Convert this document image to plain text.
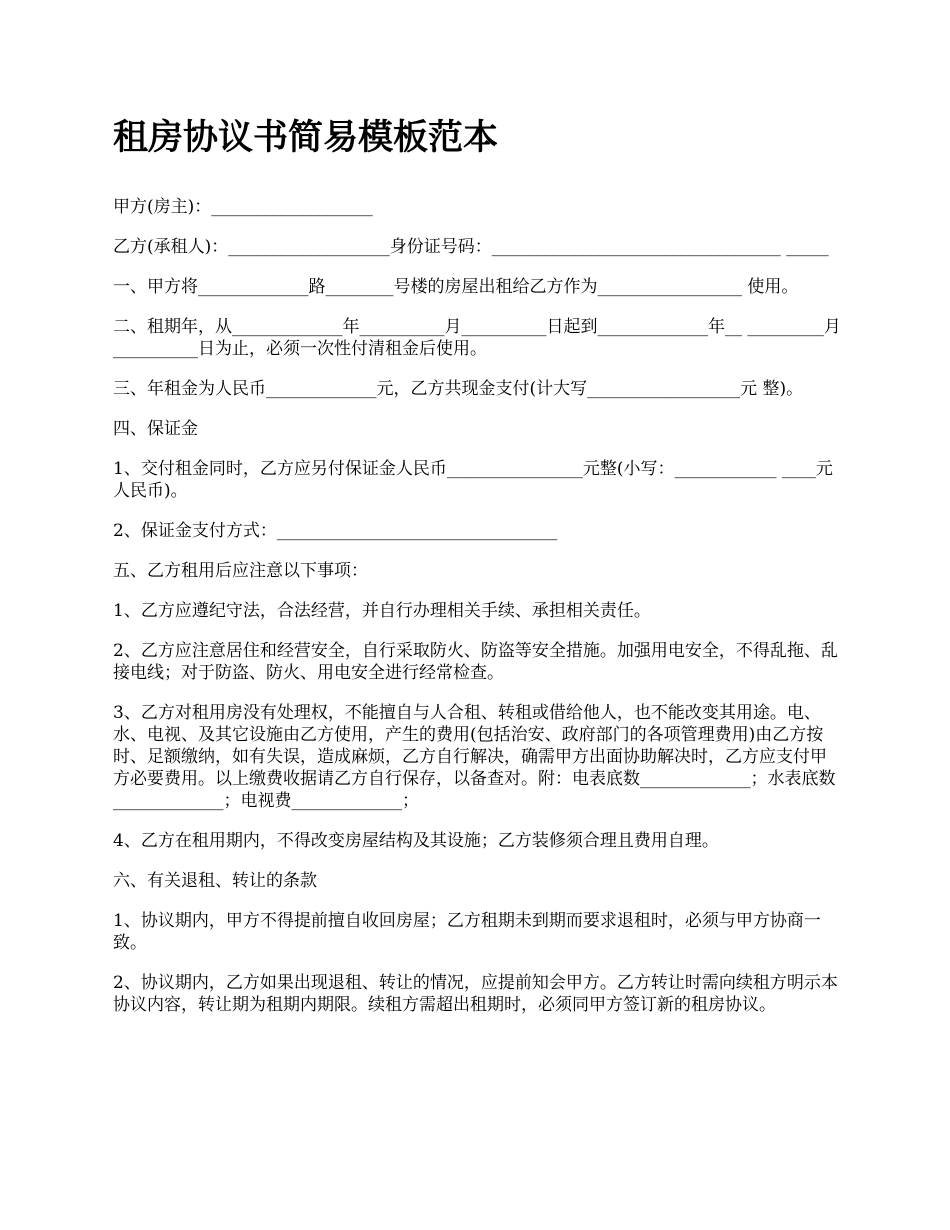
租房协议书简易模板范本

甲方(房主)：___________________

乙方(承租人)：___________________身份证号码：__________________________________ _____

一、甲方将_____________路________号楼的房屋出租给乙方作为_________________ 使用。

二、租期年，从_____________年__________月__________日起到_____________年__ _________月__________日为止，必须一次性付清租金后使用。

三、年租金为人民币_____________元，乙方共现金支付(计大写__________________元 整)。

四、保证金

1、交付租金同时，乙方应另付保证金人民币________________元整(小写：____________ ____元人民币)。

2、保证金支付方式：_________________________________

五、乙方租用后应注意以下事项：

1、乙方应遵纪守法，合法经营，并自行办理相关手续、承担相关责任。

2、乙方应注意居住和经营安全，自行采取防火、防盗等安全措施。加强用电安全，不得乱拖、乱接电线；对于防盗、防火、用电安全进行经常检查。

3、乙方对租用房没有处理权，不能擅自与人合租、转租或借给他人，也不能改变其用途。电、水、电视、及其它设施由乙方使用，产生的费用(包括治安、政府部门的各项管理费用)由乙方按时、足额缴纳，如有失误，造成麻烦，乙方自行解决，确需甲方出面协助解决时，乙方应支付甲方必要费用。以上缴费收据请乙方自行保存，以备查对。附：电表底数_____________；水表底数_____________；电视费_____________；

4、乙方在租用期内，不得改变房屋结构及其设施；乙方装修须合理且费用自理。

六、有关退租、转让的条款

1、协议期内，甲方不得提前擅自收回房屋；乙方租期未到期而要求退租时，必须与甲方协商一致。

2、协议期内，乙方如果出现退租、转让的情况，应提前知会甲方。乙方转让时需向续租方明示本协议内容，转让期为租期内期限。续租方需超出租期时，必须同甲方签订新的租房协议。
